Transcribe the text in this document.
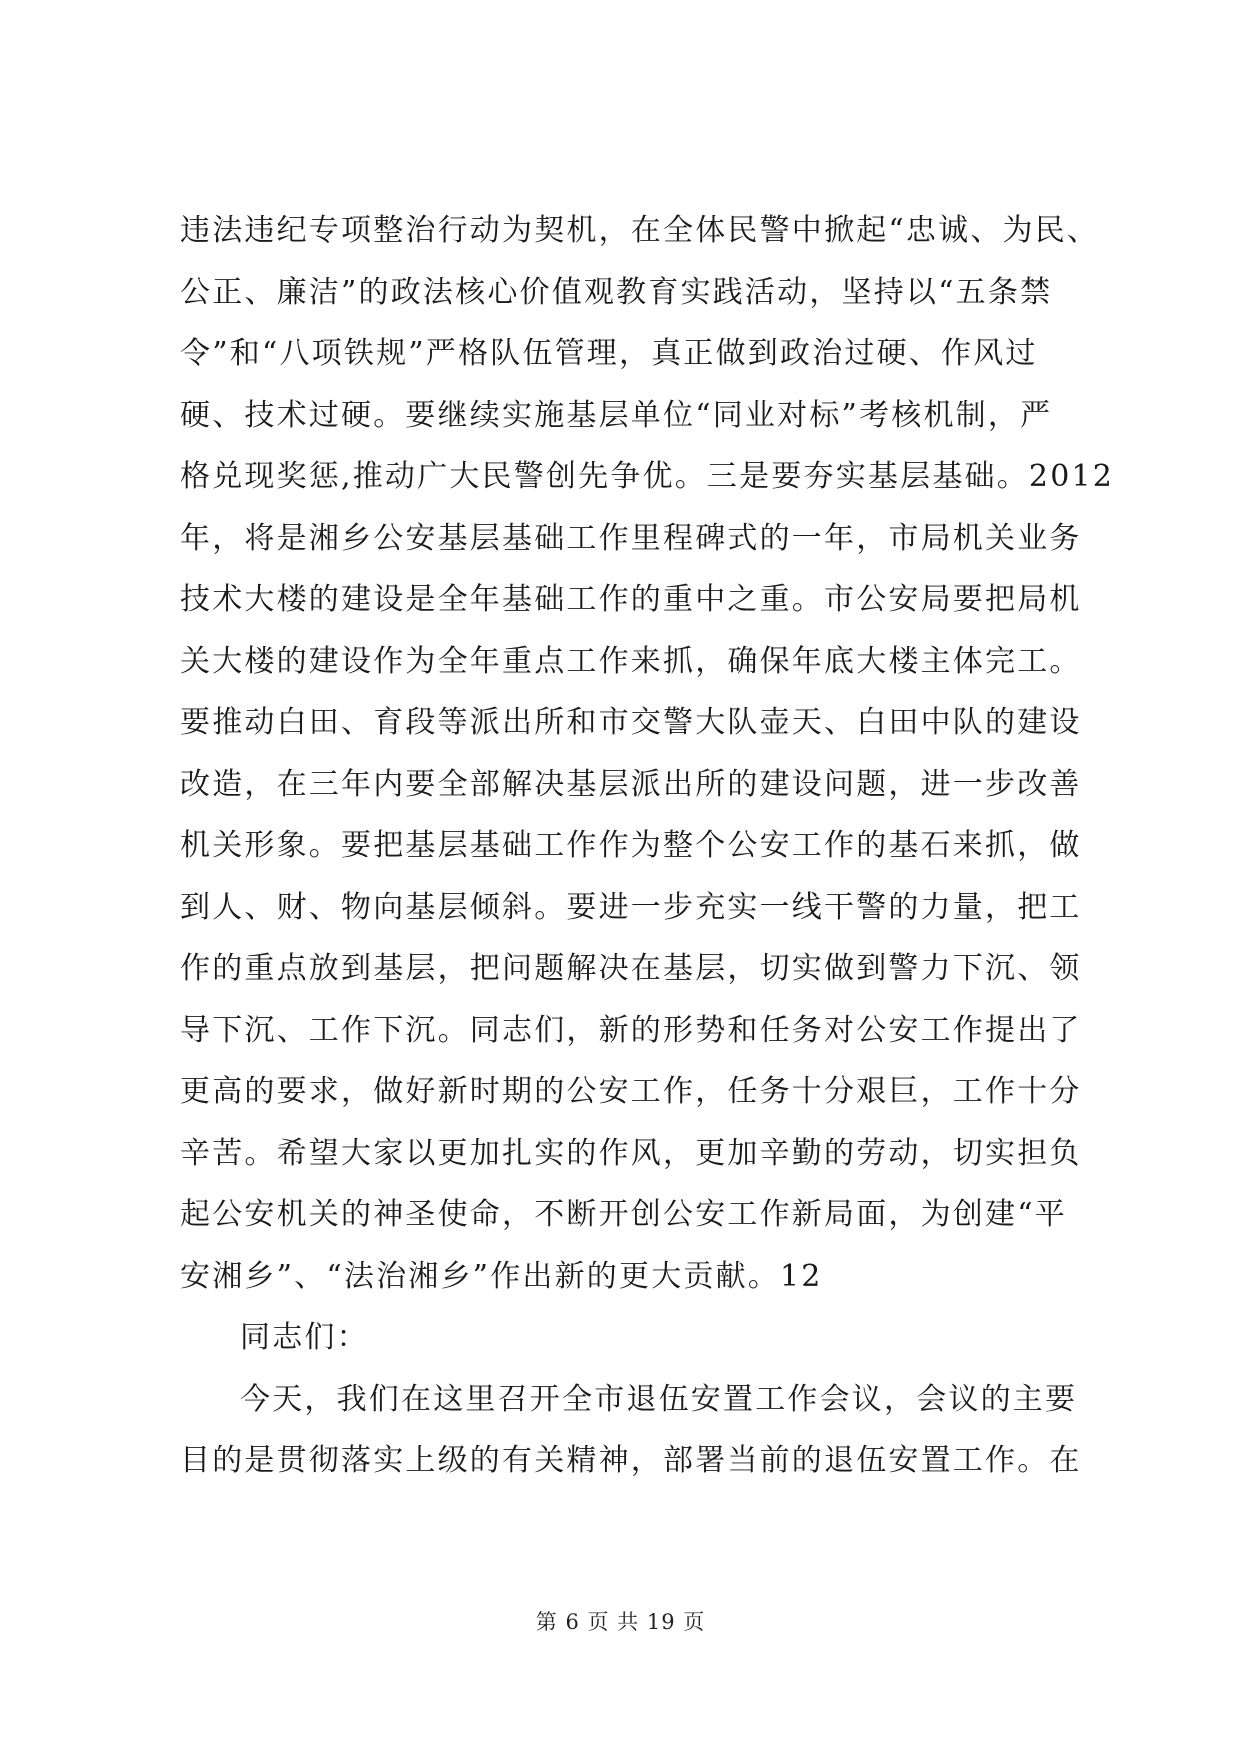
违法违纪专项整治行动为契机，在全体民警中掀起“忠诚、为民、
公正、廉洁”的政法核心价值观教育实践活动，坚持以“五条禁
令”和“八项铁规”严格队伍管理，真正做到政治过硬、作风过
硬、技术过硬。要继续实施基层单位“同业对标”考核机制，严
格兑现奖惩,推动广大民警创先争优。三是要夯实基层基础。2012
年，将是湘乡公安基层基础工作里程碑式的一年，市局机关业务
技术大楼的建设是全年基础工作的重中之重。市公安局要把局机
关大楼的建设作为全年重点工作来抓，确保年底大楼主体完工。
要推动白田、育段等派出所和市交警大队壶天、白田中队的建设
改造，在三年内要全部解决基层派出所的建设问题，进一步改善
机关形象。要把基层基础工作作为整个公安工作的基石来抓，做
到人、财、物向基层倾斜。要进一步充实一线干警的力量，把工
作的重点放到基层，把问题解决在基层，切实做到警力下沉、领
导下沉、工作下沉。同志们，新的形势和任务对公安工作提出了
更高的要求，做好新时期的公安工作，任务十分艰巨，工作十分
辛苦。希望大家以更加扎实的作风，更加辛勤的劳动，切实担负
起公安机关的神圣使命，不断开创公安工作新局面，为创建“平
安湘乡”、“法治湘乡”作出新的更大贡献。12
同志们：
今天，我们在这里召开全市退伍安置工作会议，会议的主要
目的是贯彻落实上级的有关精神，部署当前的退伍安置工作。在
第 6 页 共 19 页
